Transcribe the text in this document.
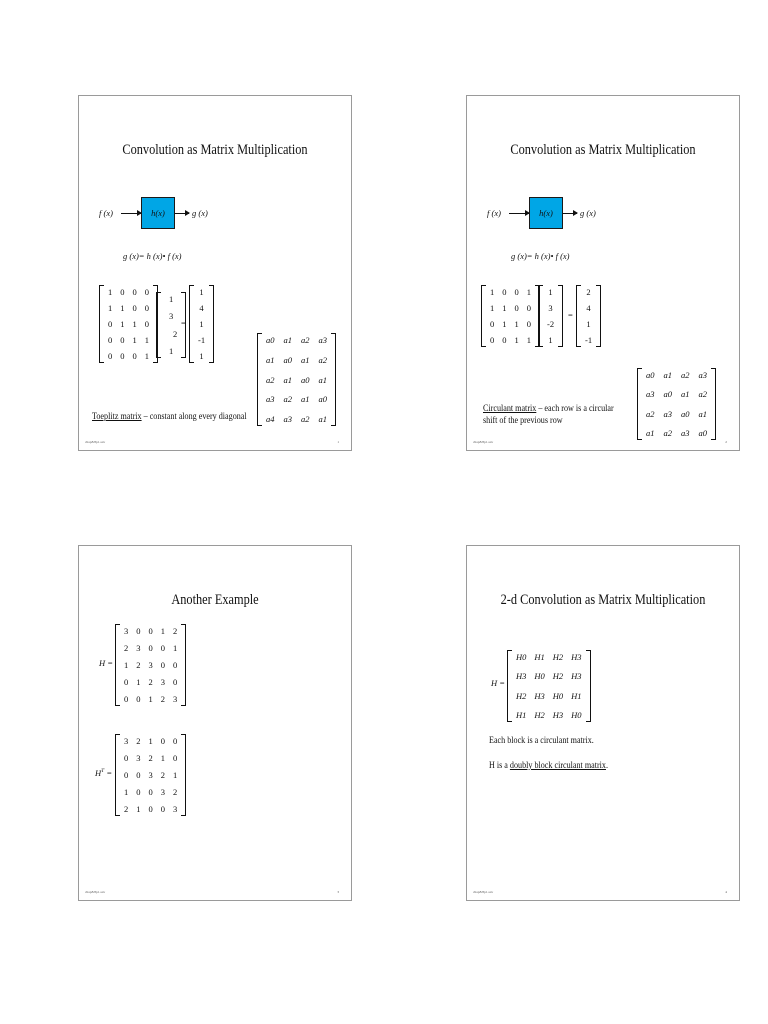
Convolution as Matrix Multiplication
f (x)	h(x)	g (x)
g (x)= h (x)• f (x)
1 0 0 0
1 1 0 0
0 1 1 0
0 0 1 1
0 0 0 1
1
3
2
1
=
1
4
1
-1
1
a0 a1 a2 a3
a1 a0 a1 a2
a2 a1 a0 a1
a3 a2 a1 a0
a4 a3 a2 a1
Toeplitz matrix – constant along every diagonal
chap8/8p1.sav	1
Convolution as Matrix Multiplication
f (x)	h(x)	g (x)
g (x)= h (x)• f (x)
1 0 0 1
1 1 0 0
0 1 1 0
0 0 1 1
1
3
-2
1
=
2
4
1
-1
a0 a1 a2 a3
a3 a0 a1 a2
a2 a3 a0 a1
a1 a2 a3 a0
Circulant matrix – each row is a circular
shift of the previous row
chap8/8p1.sav	2
Another Example
H =
3 0 0 1 2
2 3 0 0 1
1 2 3 0 0
0 1 2 3 0
0 0 1 2 3
$H^T$ =
3 2 1 0 0
0 3 2 1 0
0 0 3 2 1
1 0 0 3 2
2 1 0 0 3
chap8/8p1.sav	3
2-d Convolution as Matrix Multiplication
H =
H0 H1 H2 H3
H3 H0 H2 H3
H2 H3 H0 H1
H1 H2 H3 H0
Each block is a circulant matrix.
H is a doubly block circulant matrix.
chap8/8p1.sav	4
